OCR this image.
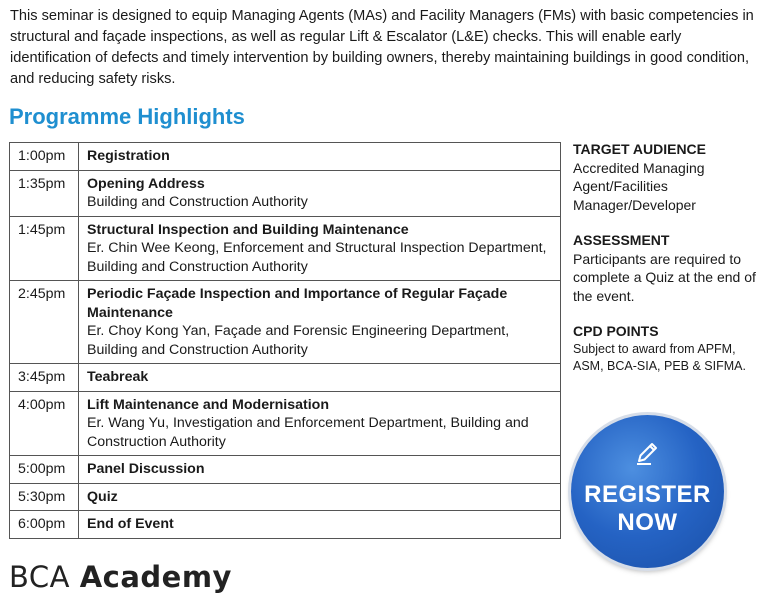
This seminar is designed to equip Managing Agents (MAs) and Facility Managers (FMs) with basic competencies in structural and façade inspections, as well as regular Lift & Escalator (L&E) checks. This will enable early identification of defects and timely intervention by building owners, thereby maintaining buildings in good condition, and reducing safety risks.

Programme Highlights
1:00pm	Registration

1:35pm	Opening Address
Building and Construction Authority

1:45pm	Structural Inspection and Building Maintenance
Er. Chin Wee Keong, Enforcement and Structural Inspection Department, Building and Construction Authority

2:45pm	Periodic Façade Inspection and Importance of Regular Façade Maintenance
Er. Choy Kong Yan, Façade and Forensic Engineering Department, Building and Construction Authority

3:45pm	Teabreak

4:00pm	Lift Maintenance and Modernisation
Er. Wang Yu, Investigation and Enforcement Department, Building and Construction Authority

5:00pm	Panel Discussion

5:30pm	Quiz

6:00pm	End of Event
TARGET AUDIENCE
Accredited Managing Agent/Facilities Manager/Developer
ASSESSMENT
Participants are required to complete a Quiz at the end of the event.
CPD POINTS
Subject to award from APFM, ASM, BCA-SIA, PEB & SIFMA.
REGISTER
NOW
BCA Academy
